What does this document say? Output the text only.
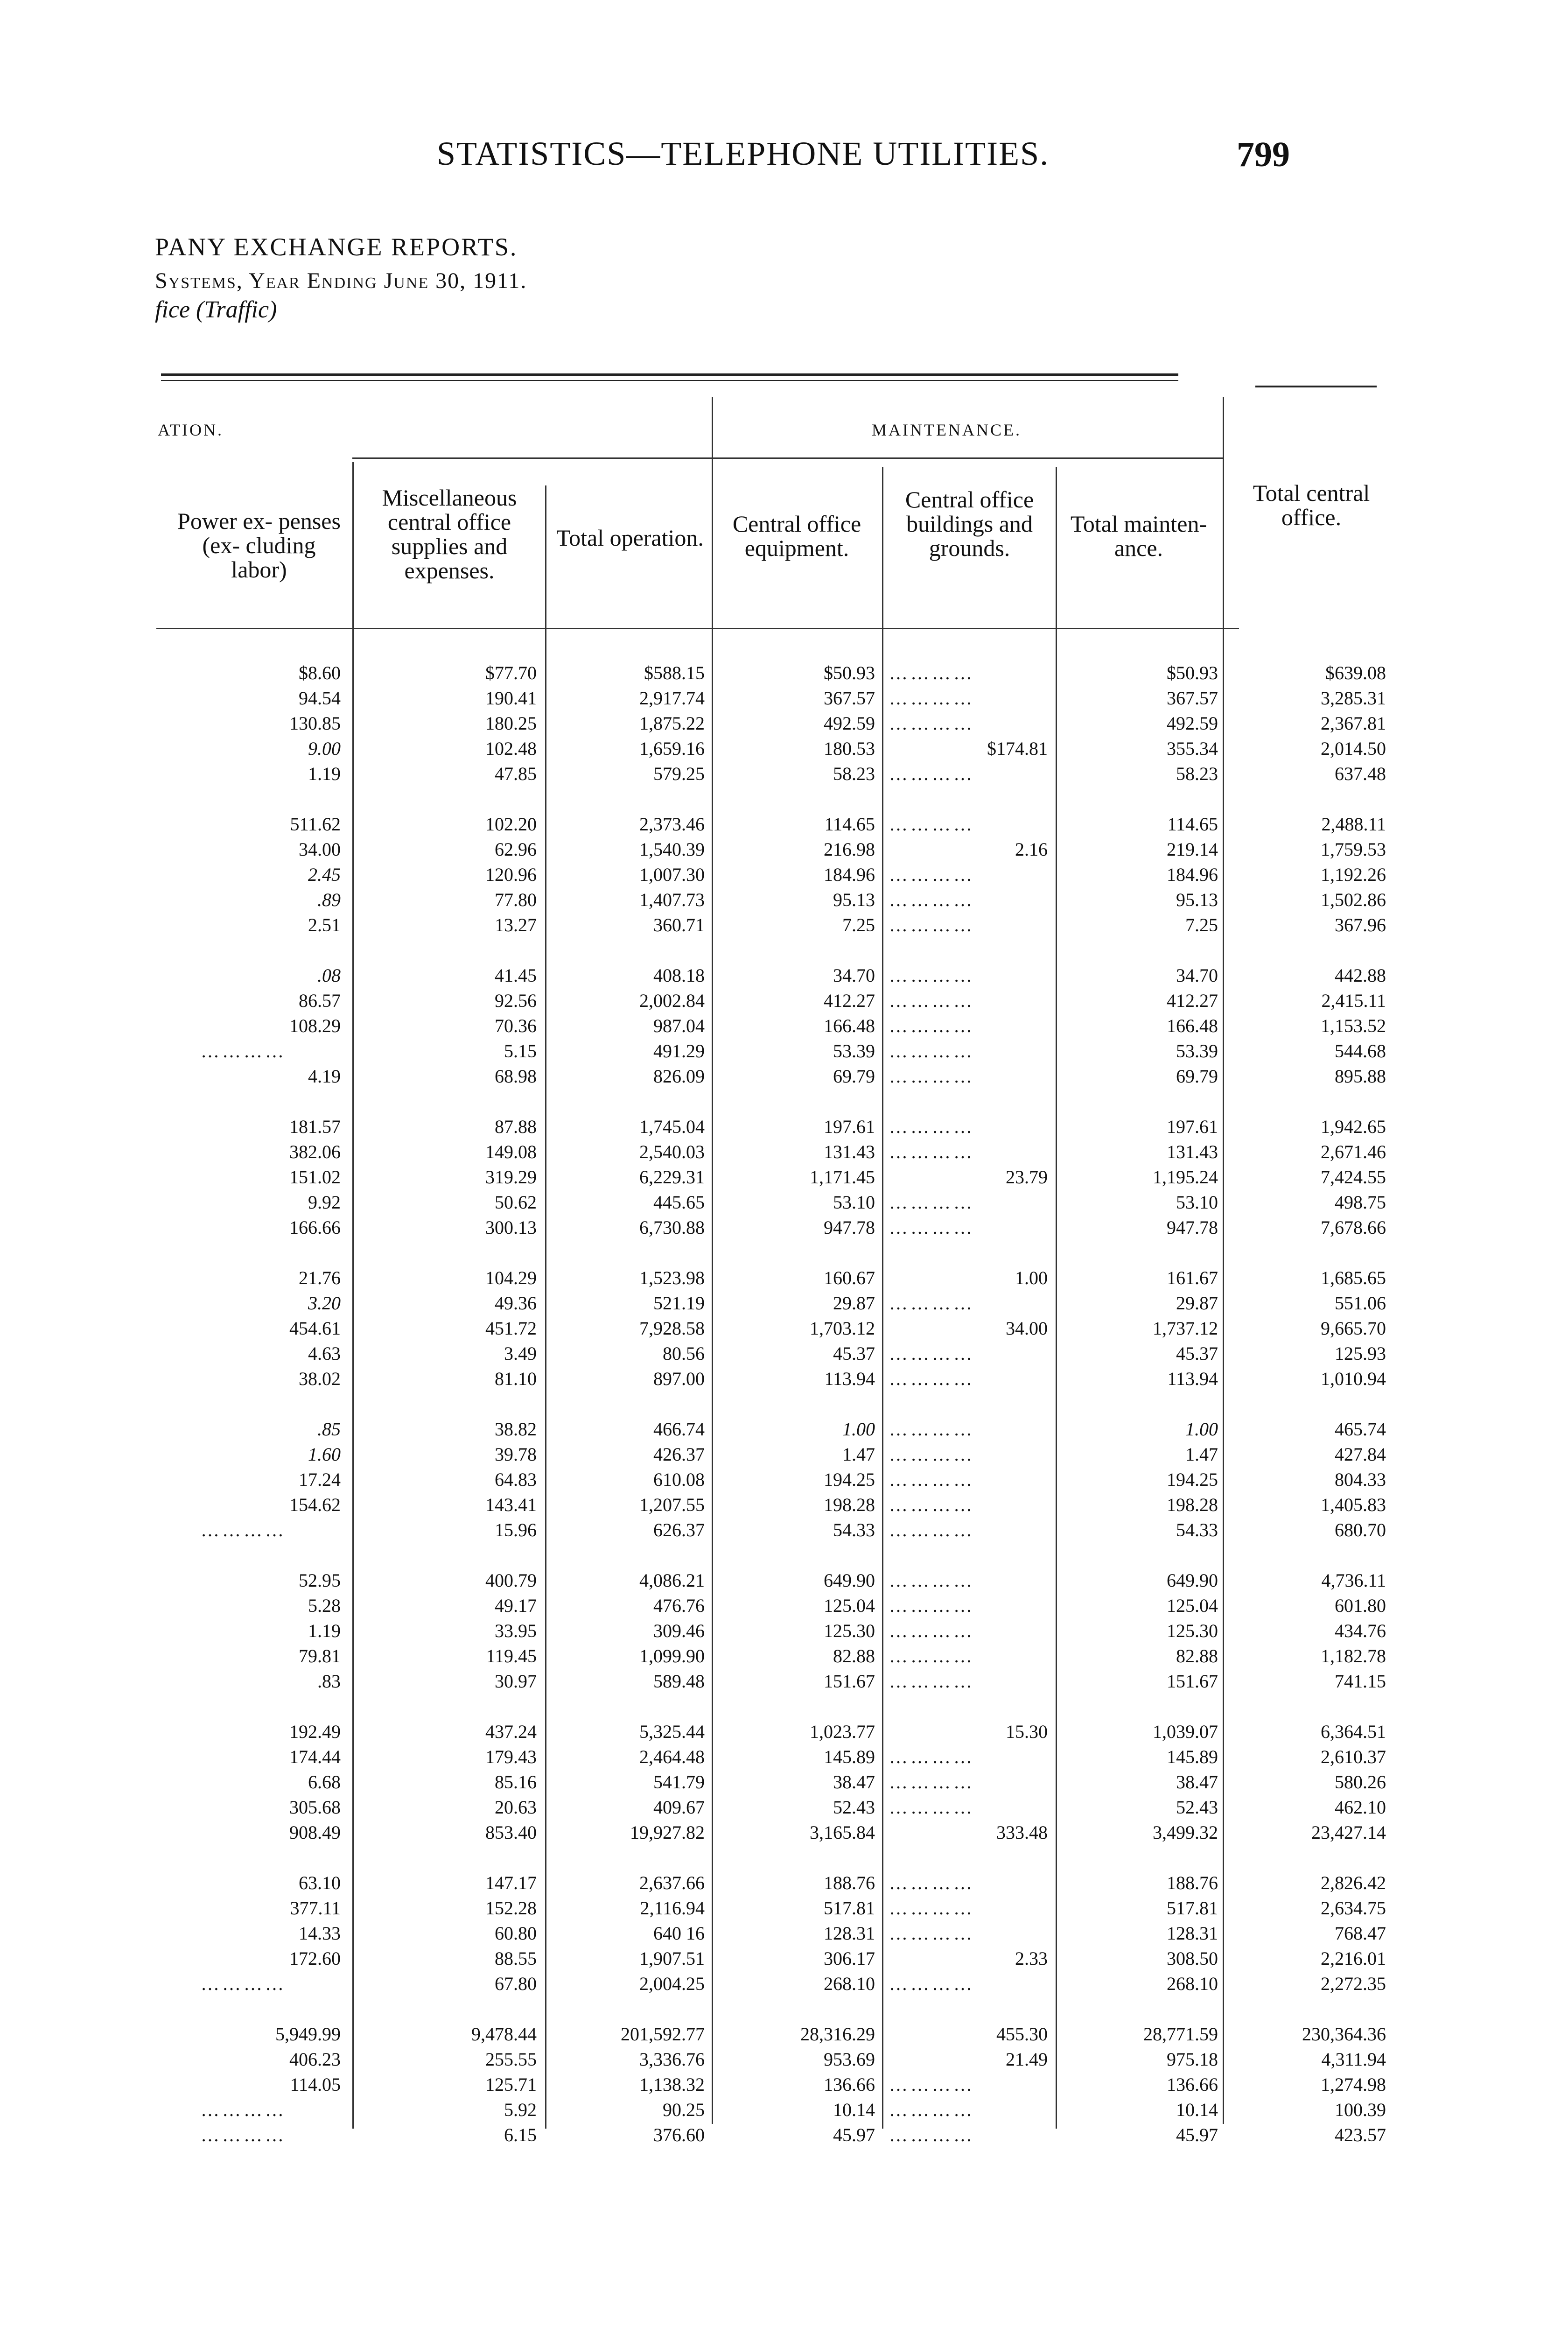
STATISTICS—TELEPHONE UTILITIES.	799
PANY EXCHANGE REPORTS.
Systems, Year Ending June 30, 1911.
fice (Traffic)
ATION.	MAINTENANCE.
Power ex- penses (ex- cluding labor)
Miscellaneous central office supplies and expenses.
Total operation.
Central office equipment.
Central office buildings and grounds.
Total mainten- ance.
Total central office.
$8.60
94.54
130.85
9.00
1.19
511.62
34.00
2.45
.89
2.51
.08
86.57
108.29
…………
4.19
181.57
382.06
151.02
9.92
166.66
21.76
3.20
454.61
4.63
38.02
.85
1.60
17.24
154.62
…………
52.95
5.28
1.19
79.81
.83
192.49
174.44
6.68
305.68
908.49
63.10
377.11
14.33
172.60
…………
5,949.99
406.23
114.05
…………
…………
$77.70
190.41
180.25
102.48
47.85
102.20
62.96
120.96
77.80
13.27
41.45
92.56
70.36
5.15
68.98
87.88
149.08
319.29
50.62
300.13
104.29
49.36
451.72
3.49
81.10
38.82
39.78
64.83
143.41
15.96
400.79
49.17
33.95
119.45
30.97
437.24
179.43
85.16
20.63
853.40
147.17
152.28
60.80
88.55
67.80
9,478.44
255.55
125.71
5.92
6.15
$588.15
2,917.74
1,875.22
1,659.16
579.25
2,373.46
1,540.39
1,007.30
1,407.73
360.71
408.18
2,002.84
987.04
491.29
826.09
1,745.04
2,540.03
6,229.31
445.65
6,730.88
1,523.98
521.19
7,928.58
80.56
897.00
466.74
426.37
610.08
1,207.55
626.37
4,086.21
476.76
309.46
1,099.90
589.48
5,325.44
2,464.48
541.79
409.67
19,927.82
2,637.66
2,116.94
640 16
1,907.51
2,004.25
201,592.77
3,336.76
1,138.32
90.25
376.60
$50.93
367.57
492.59
180.53
58.23
114.65
216.98
184.96
95.13
7.25
34.70
412.27
166.48
53.39
69.79
197.61
131.43
1,171.45
53.10
947.78
160.67
29.87
1,703.12
45.37
113.94
1.00
1.47
194.25
198.28
54.33
649.90
125.04
125.30
82.88
151.67
1,023.77
145.89
38.47
52.43
3,165.84
188.76
517.81
128.31
306.17
268.10
28,316.29
953.69
136.66
10.14
45.97
…………
…………
…………
$174.81
…………
…………
2.16
…………
…………
…………
…………
…………
…………
…………
…………
…………
…………
23.79
…………
…………
1.00
…………
34.00
…………
…………
…………
…………
…………
…………
…………
…………
…………
…………
…………
…………
15.30
…………
…………
…………
333.48
…………
…………
…………
2.33
…………
455.30
21.49
…………
…………
…………
$50.93
367.57
492.59
355.34
58.23
114.65
219.14
184.96
95.13
7.25
34.70
412.27
166.48
53.39
69.79
197.61
131.43
1,195.24
53.10
947.78
161.67
29.87
1,737.12
45.37
113.94
1.00
1.47
194.25
198.28
54.33
649.90
125.04
125.30
82.88
151.67
1,039.07
145.89
38.47
52.43
3,499.32
188.76
517.81
128.31
308.50
268.10
28,771.59
975.18
136.66
10.14
45.97
$639.08
3,285.31
2,367.81
2,014.50
637.48
2,488.11
1,759.53
1,192.26
1,502.86
367.96
442.88
2,415.11
1,153.52
544.68
895.88
1,942.65
2,671.46
7,424.55
498.75
7,678.66
1,685.65
551.06
9,665.70
125.93
1,010.94
465.74
427.84
804.33
1,405.83
680.70
4,736.11
601.80
434.76
1,182.78
741.15
6,364.51
2,610.37
580.26
462.10
23,427.14
2,826.42
2,634.75
768.47
2,216.01
2,272.35
230,364.36
4,311.94
1,274.98
100.39
423.57
